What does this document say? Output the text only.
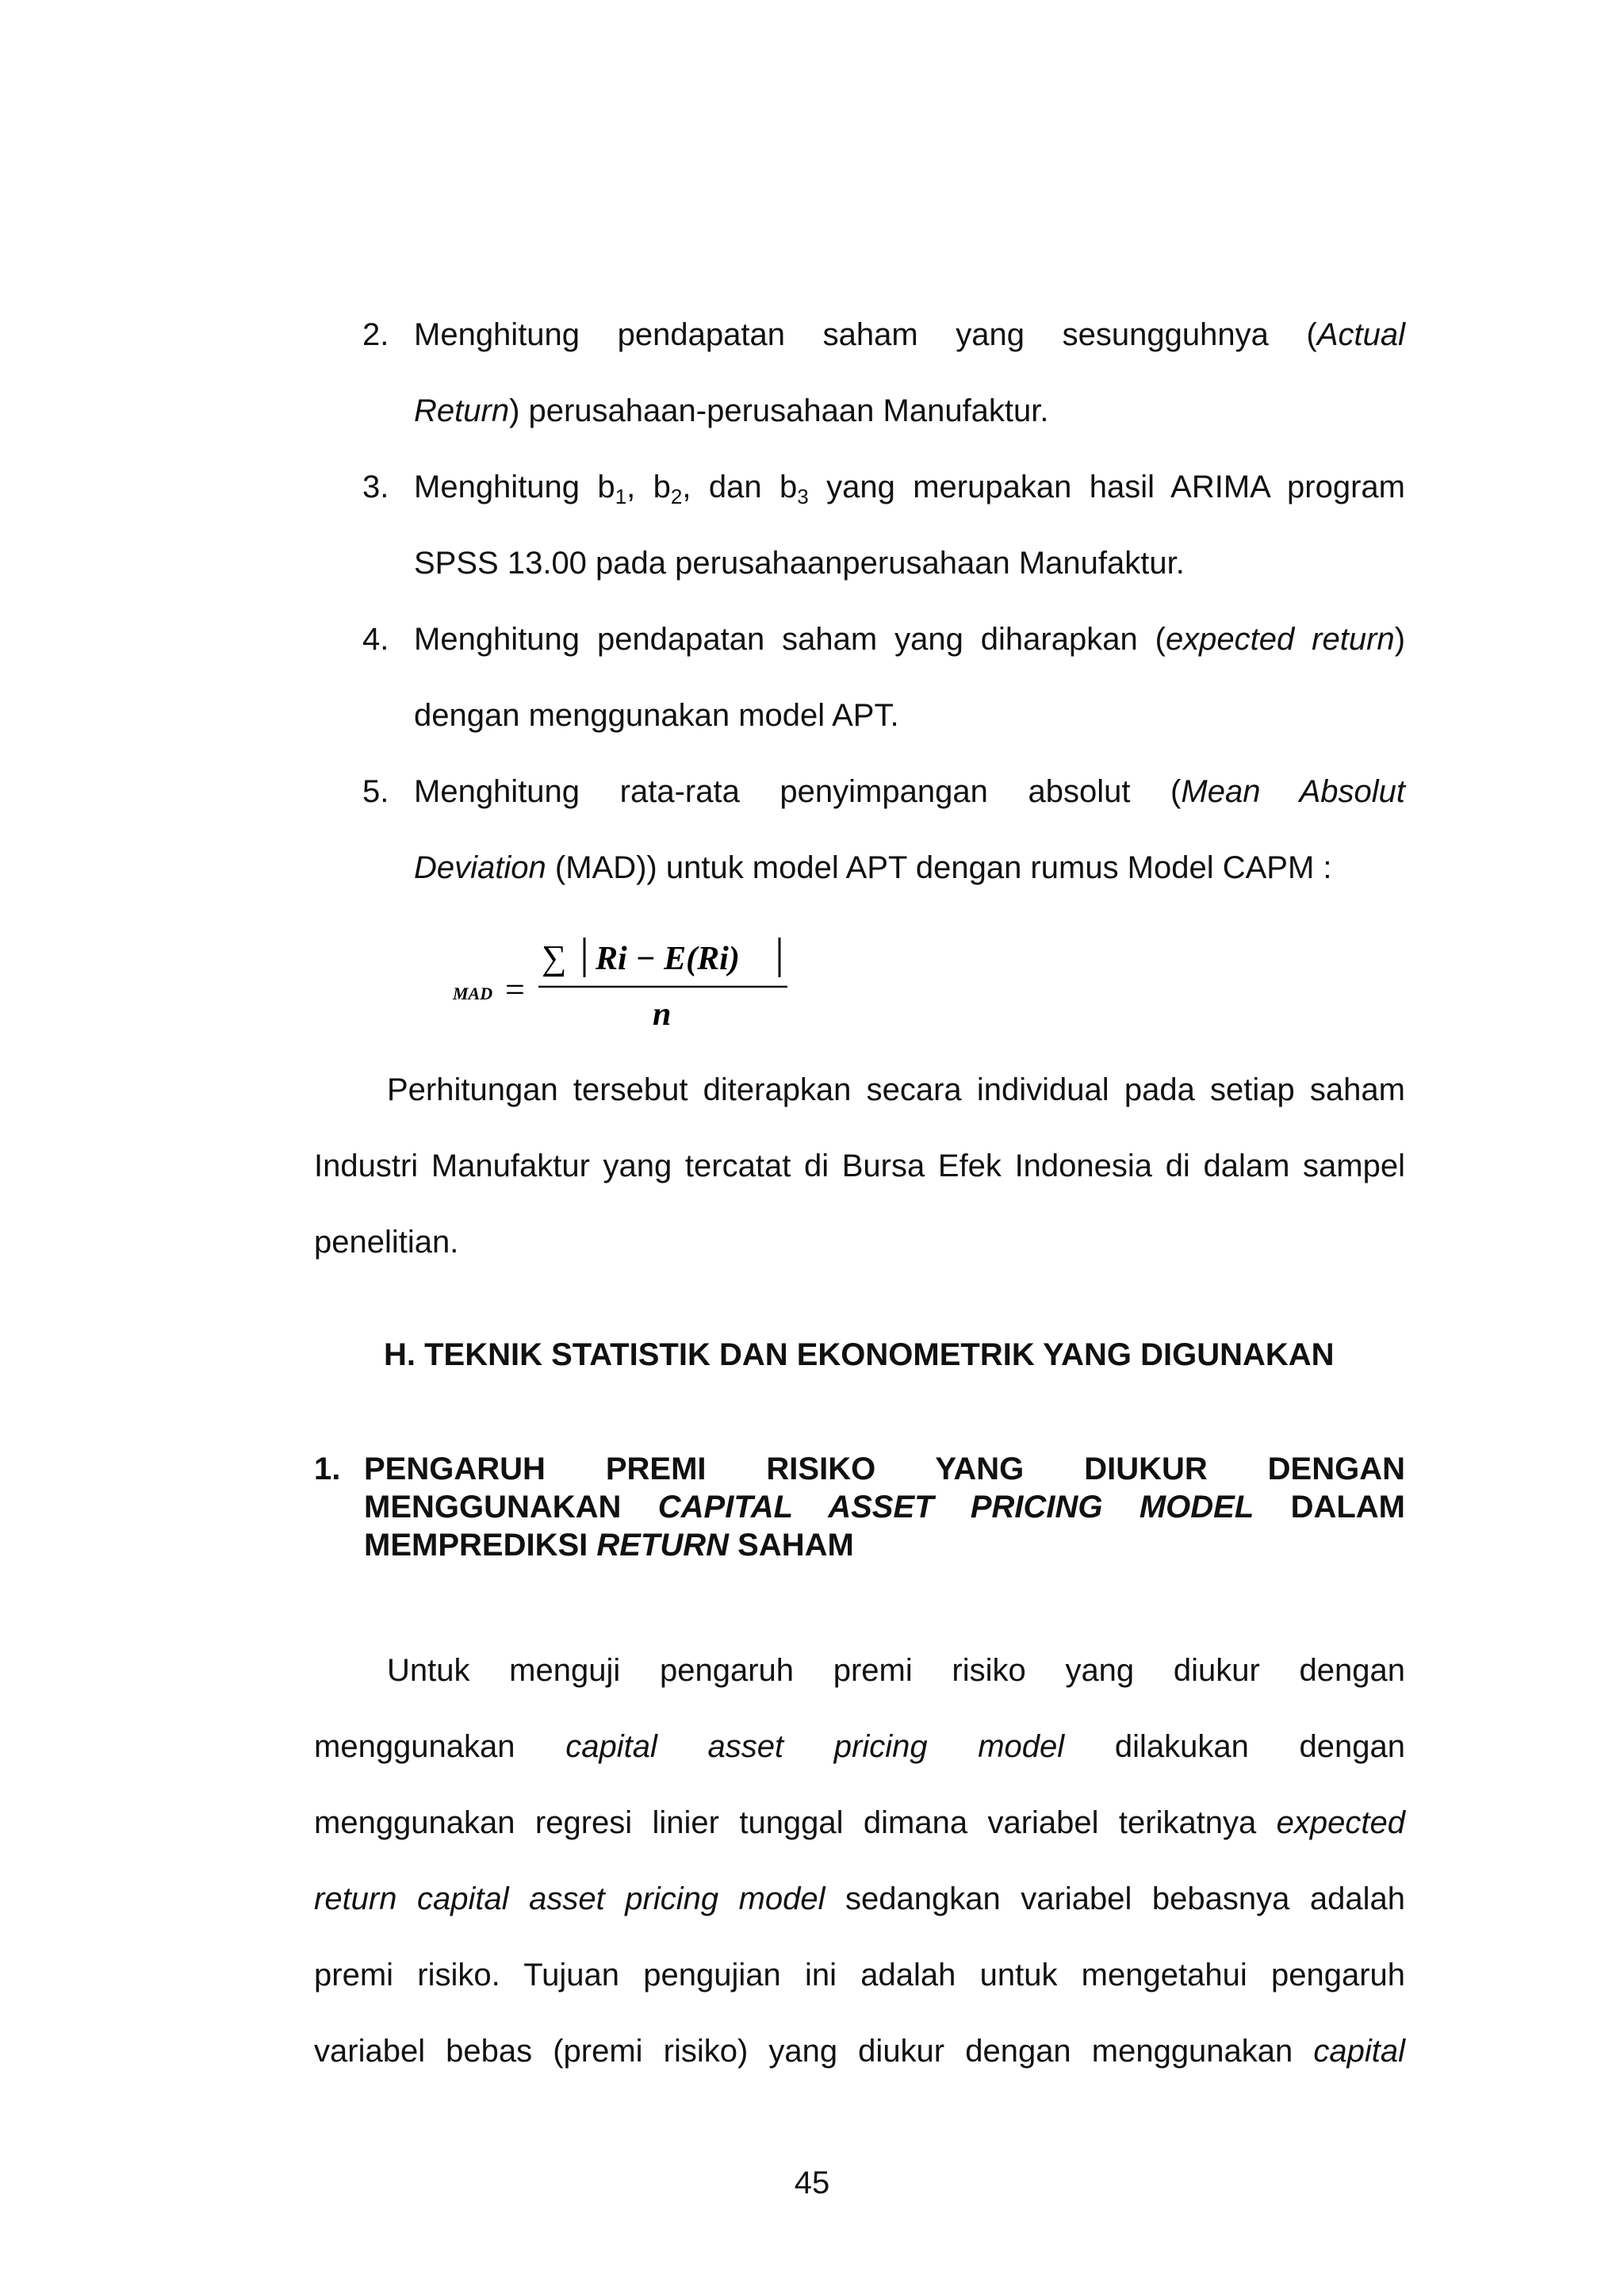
2. Menghitung pendapatan saham yang sesungguhnya (Actual
Return) perusahaan-perusahaan Manufaktur.
3. Menghitung $b_1$, $b_2$, dan $b_3$ yang merupakan hasil ARIMA program
SPSS 13.00 pada perusahaanperusahaan Manufaktur.
4. Menghitung pendapatan saham yang diharapkan (expected return)
dengan menggunakan model APT.
5. Menghitung rata-rata penyimpangan absolut (Mean Absolut
Deviation (MAD)) untuk model APT dengan rumus Model CAPM :
MAD =
∑ Ri − E(Ri)
n
Perhitungan tersebut diterapkan secara individual pada setiap saham
Industri Manufaktur yang tercatat di Bursa Efek Indonesia di dalam sampel
penelitian.
H. TEKNIK STATISTIK DAN EKONOMETRIK YANG DIGUNAKAN
1. PENGARUH PREMI RISIKO YANG DIUKUR DENGAN
MENGGUNAKAN CAPITAL ASSET PRICING MODEL DALAM
MEMPREDIKSI RETURN SAHAM
Untuk menguji pengaruh premi risiko yang diukur dengan
menggunakan capital asset pricing model dilakukan dengan
menggunakan regresi linier tunggal dimana variabel terikatnya expected
return capital asset pricing model sedangkan variabel bebasnya adalah
premi risiko. Tujuan pengujian ini adalah untuk mengetahui pengaruh
variabel bebas (premi risiko) yang diukur dengan menggunakan capital
45
